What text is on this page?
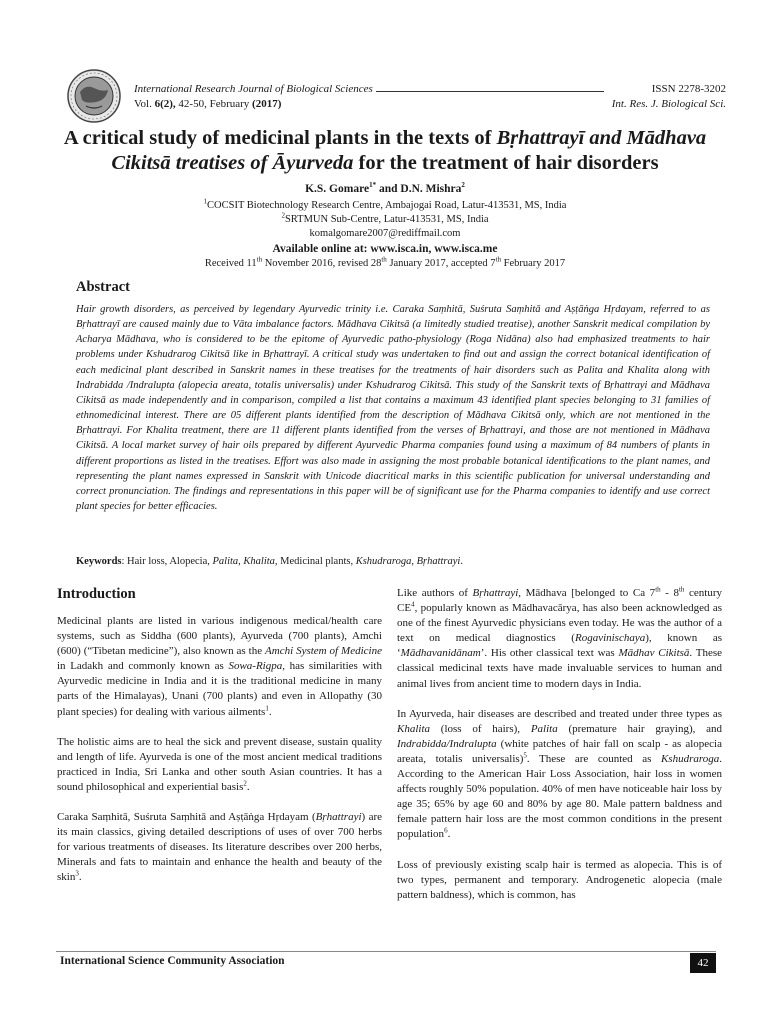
International Research Journal of Biological Sciences	ISSN 2278-3202
Vol. 6(2), 42-50, February (2017)	Int. Res. J. Biological Sci.
A critical study of medicinal plants in the texts of Bṛhattrayī and Mādhava
Cikitsā treatises of Āyurveda for the treatment of hair disorders
K.S. Gomare$^{1*}$ and D.N. Mishra$^2$
$^1$COCSIT Biotechnology Research Centre, Ambajogai Road, Latur-413531, MS, India
$^2$SRTMUN Sub-Centre, Latur-413531, MS, India
komalgomare2007@rediffmail.com
Available online at: www.isca.in, www.isca.me
Received 11th November 2016, revised 28th January 2017, accepted 7th February 2017
Abstract
Hair growth disorders, as perceived by legendary Ayurvedic trinity i.e. Caraka Saṃhitā, Suśruta Saṃhitā and Aṣṭāṅga Hṛdayam, referred to as Bṛhattrayī are caused mainly due to Vāta imbalance factors. Mādhava Cikitsā (a limitedly studied treatise), another Sanskrit medical compilation by Acharya Mādhava, who is considered to be the epitome of Ayurvedic patho-physiology (Roga Nidāna) also had emphasized treatments to hair problems under Kshudrarog Cikitsā like in Bṛhattrayī. A critical study was undertaken to find out and assign the correct botanical identification of each medicinal plant described in Sanskrit names in these treatises for the treatments of hair disorders such as Palita and Khalita along with Indrabidda /Indralupta (alopecia areata, totalis universalis) under Kshudrarog Cikitsā. This study of the Sanskrit texts of Bṛhattrayi and Mādhava Cikitsā as made independently and in comparison, compiled a list that contains a maximum 43 identified plant species belonging to 31 families of ethnomedicinal interest. There are 05 different plants identified from the description of Mādhava Cikitsā only, which are not mentioned in the Bṛhattrayi. For Khalita treatment, there are 11 different plants identified from the verses of Bṛhattrayi, and those are not mentioned in Mādhava Cikitsā. A local market survey of hair oils prepared by different Ayurvedic Pharma companies found using a maximum of 84 numbers of plants in different proportions as listed in the treatises. Effort was also made in assigning the most probable botanical identifications to the plant names, and representing the plant names expressed in Sanskrit with Unicode diacritical marks in this scientific publication for universal understanding and correct pronunciation. The findings and representations in this paper will be of significant use for the Pharma companies to identify and use correct plant species for better efficacies.
Keywords: Hair loss, Alopecia, Palita, Khalita, Medicinal plants, Kshudraroga, Bṛhattrayi.
Introduction

Medicinal plants are listed in various indigenous medical/health care systems, such as Siddha (600 plants), Ayurveda (700 plants), Amchi (600) (“Tibetan medicine”), also known as the Amchi System of Medicine in Ladakh and commonly known as Sowa-Rigpa, has similarities with Ayurvedic medicine in India and it is the traditional medicine in many parts of the Himalayas), Unani (700 plants) and even in Allopathy (30 plant species) for dealing with various ailments$^1$.

The holistic aims are to heal the sick and prevent disease, sustain quality and length of life. Ayurveda is one of the most ancient medical traditions practiced in India, Sri Lanka and other south Asian countries. It has a sound philosophical and experiential basis$^2$.

Caraka Saṃhitā, Suśruta Saṃhitā and Aṣṭāṅga Hṛdayam (Bṛhattrayi) are its main classics, giving detailed descriptions of uses of over 700 herbs for various treatments of diseases. Its literature describes over 200 herbs, Minerals and fats to maintain and enhance the health and beauty of the skin$^3$.

Like authors of Bṛhattrayi, Mādhava [belonged to Ca 7th - 8th century $CE^4$, popularly known as Mādhavacārya, has also been acknowledged as one of the finest Ayurvedic physicians even today. He was the author of a text on medical diagnostics (Rogavinischaya), known as ‘Mādhavanidānam’. His other classical text was Mādhav Cikitsā. These classical medicinal texts have made invaluable services to human and animal lives from ancient time to modern days in India.

In Ayurveda, hair diseases are described and treated under three types as Khalita (loss of hairs), Palita (premature hair graying), and Indrabidda/Indralupta (white patches of hair fall on scalp - as alopecia areata, totalis universalis)$^5$. These are counted as Kshudraroga. According to the American Hair Loss Association, hair loss in women affects roughly 50% population. 40% of men have noticeable hair loss by age 35; 65% by age 60 and 80% by age 80. Male pattern baldness and female pattern hair loss are the most common conditions in the present population$^6$.

Loss of previously existing scalp hair is termed as alopecia. This is of two types, permanent and temporary. Androgenetic alopecia (male pattern baldness), which is common, has

International Science Community Association	42
